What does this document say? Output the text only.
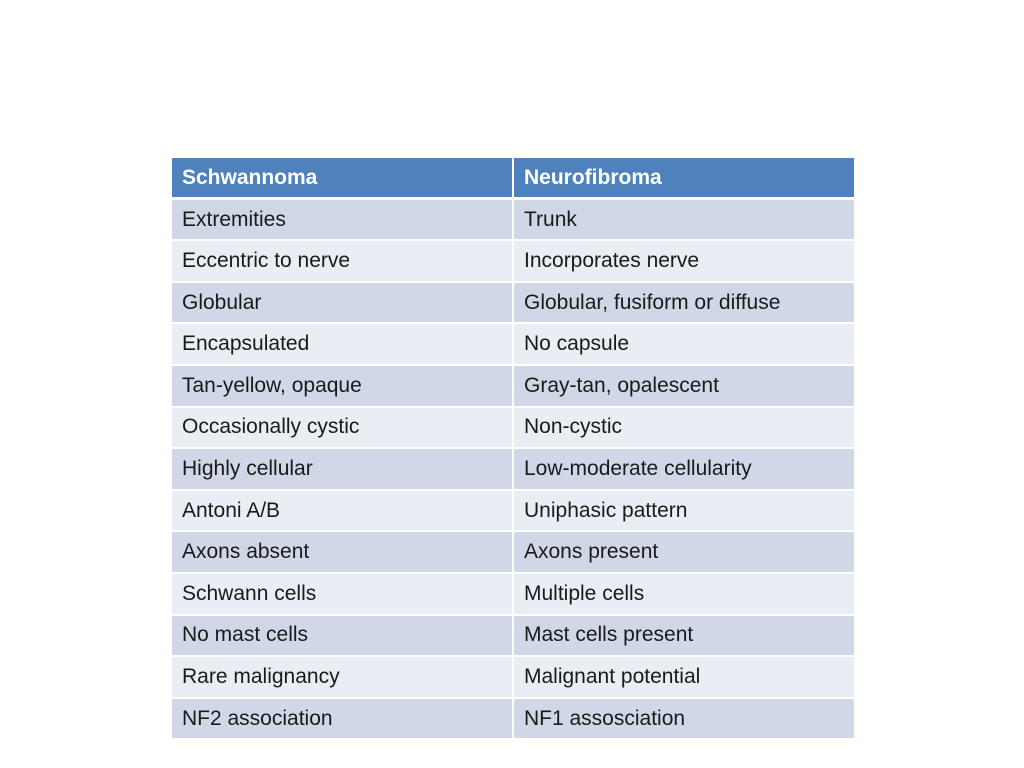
Schwannoma	Neurofibroma
Extremities	Trunk
Eccentric to nerve	Incorporates nerve
Globular	Globular, fusiform or diffuse
Encapsulated	No capsule
Tan-yellow, opaque	Gray-tan, opalescent
Occasionally cystic	Non-cystic
Highly cellular	Low-moderate cellularity
Antoni A/B	Uniphasic pattern
Axons absent	Axons present
Schwann cells	Multiple cells
No mast cells	Mast cells present
Rare malignancy	Malignant potential
NF2 association	NF1 assosciation
